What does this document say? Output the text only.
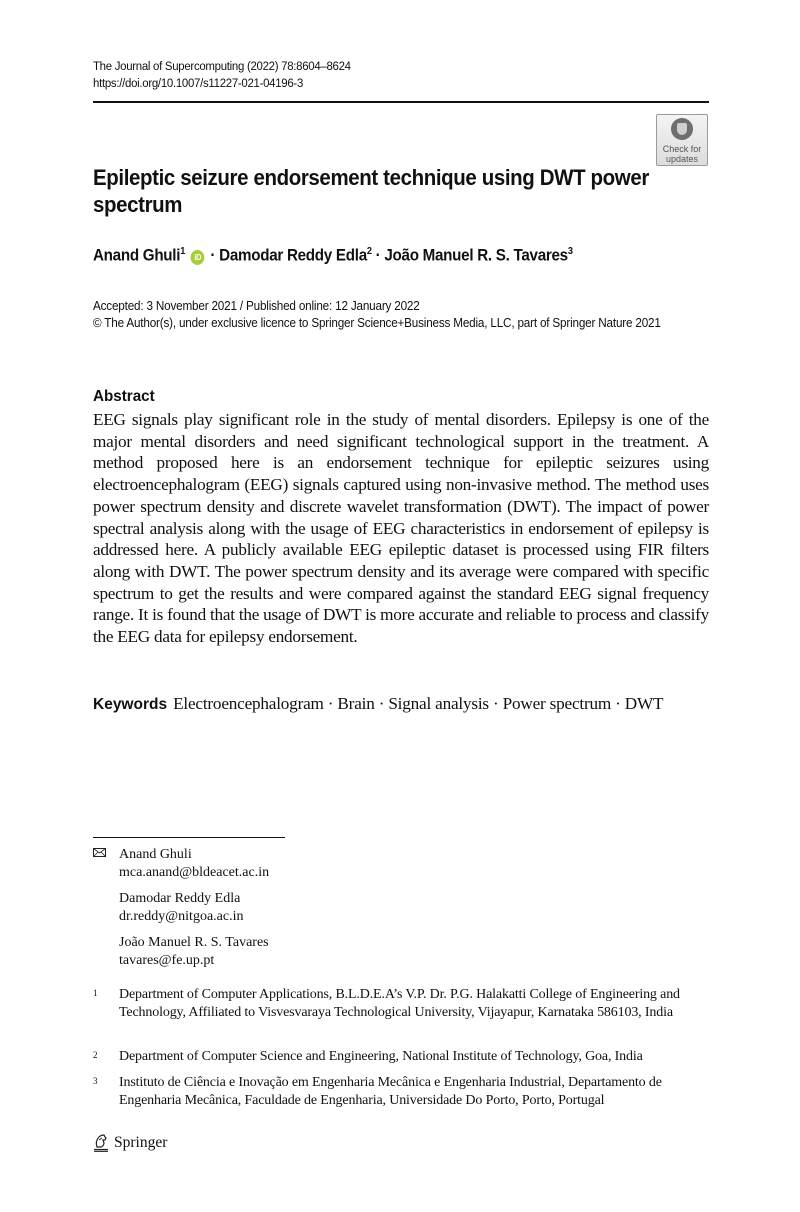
The Journal of Supercomputing (2022) 78:8604–8624
https://doi.org/10.1007/s11227-021-04196-3
Check for
updates
Epileptic seizure endorsement technique using DWT power spectrum
Anand Ghuli$^1$ iD · Damodar Reddy Edla$^2$ · João Manuel R. S. Tavares$^3$
Accepted: 3 November 2021 / Published online: 12 January 2022
© The Author(s), under exclusive licence to Springer Science+Business Media, LLC, part of Springer Nature 2021
Abstract
EEG signals play significant role in the study of mental disorders. Epilepsy is one of the major mental disorders and need significant technological support in the treatment. A method proposed here is an endorsement technique for epileptic seizures using electroencephalogram (EEG) signals captured using non-invasive method. The method uses power spectrum density and discrete wavelet transformation (DWT). The impact of power spectral analysis along with the usage of EEG characteristics in endorsement of epilepsy is addressed here. A publicly available EEG epileptic dataset is processed using FIR filters along with DWT. The power spectrum density and its average were compared with specific spectrum to get the results and were compared against the standard EEG signal frequency range. It is found that the usage of DWT is more accurate and reliable to process and classify the EEG data for epilepsy endorsement.
Keywords Electroencephalogram · Brain · Signal analysis · Power spectrum · DWT
Anand Ghuli
mca.anand@bldeacet.ac.in
Damodar Reddy Edla
dr.reddy@nitgoa.ac.in
João Manuel R. S. Tavares
tavares@fe.up.pt
1 Department of Computer Applications, B.L.D.E.A’s V.P. Dr. P.G. Halakatti College of Engineering and Technology, Affiliated to Visvesvaraya Technological University, Vijayapur, Karnataka 586103, India
2 Department of Computer Science and Engineering, National Institute of Technology, Goa, India
3 Instituto de Ciência e Inovação em Engenharia Mecânica e Engenharia Industrial, Departamento de Engenharia Mecânica, Faculdade de Engenharia, Universidade Do Porto, Porto, Portugal
Springer
